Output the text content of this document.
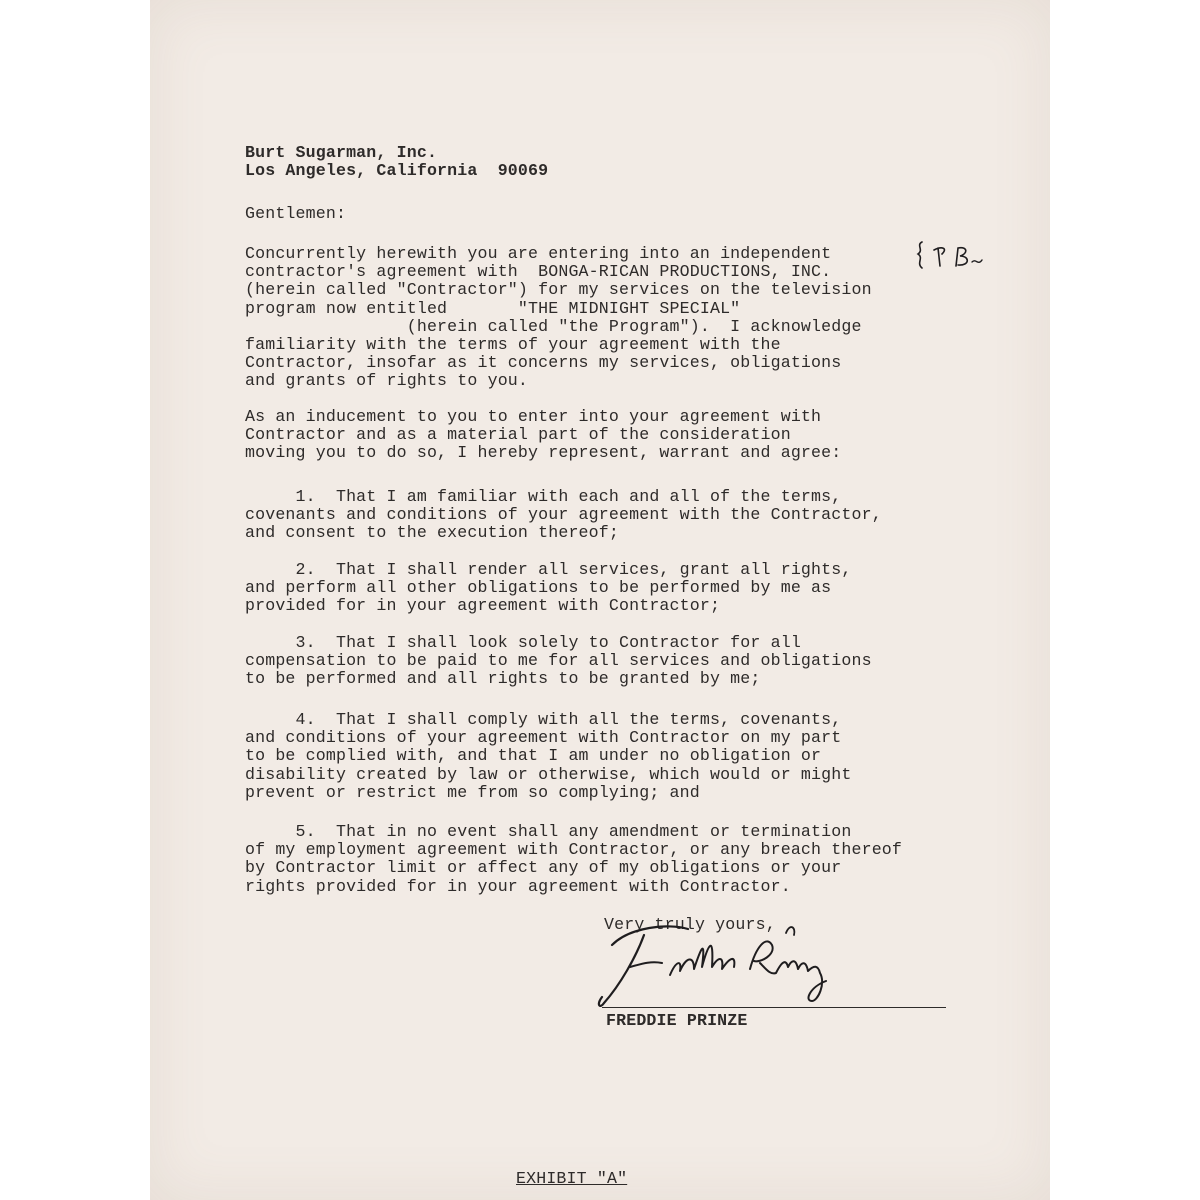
Burt Sugarman, Inc.
Los Angeles, California  90069
Gentlemen:
Concurrently herewith you are entering into an independent
contractor's agreement with  BONGA-RICAN PRODUCTIONS, INC.
(herein called "Contractor") for my services on the television
program now entitled       "THE MIDNIGHT SPECIAL"
(herein called "the Program").  I acknowledge
familiarity with the terms of your agreement with the
Contractor, insofar as it concerns my services, obligations
and grants of rights to you.
As an inducement to you to enter into your agreement with
Contractor and as a material part of the consideration
moving you to do so, I hereby represent, warrant and agree:
1.  That I am familiar with each and all of the terms,
covenants and conditions of your agreement with the Contractor,
and consent to the execution thereof;
2.  That I shall render all services, grant all rights,
and perform all other obligations to be performed by me as
provided for in your agreement with Contractor;
3.  That I shall look solely to Contractor for all
compensation to be paid to me for all services and obligations
to be performed and all rights to be granted by me;
4.  That I shall comply with all the terms, covenants,
and conditions of your agreement with Contractor on my part
to be complied with, and that I am under no obligation or
disability created by law or otherwise, which would or might
prevent or restrict me from so complying; and
5.  That in no event shall any amendment or termination
of my employment agreement with Contractor, or any breach thereof
by Contractor limit or affect any of my obligations or your
rights provided for in your agreement with Contractor.
Very truly yours,
FREDDIE PRINZE
EXHIBIT "A"
